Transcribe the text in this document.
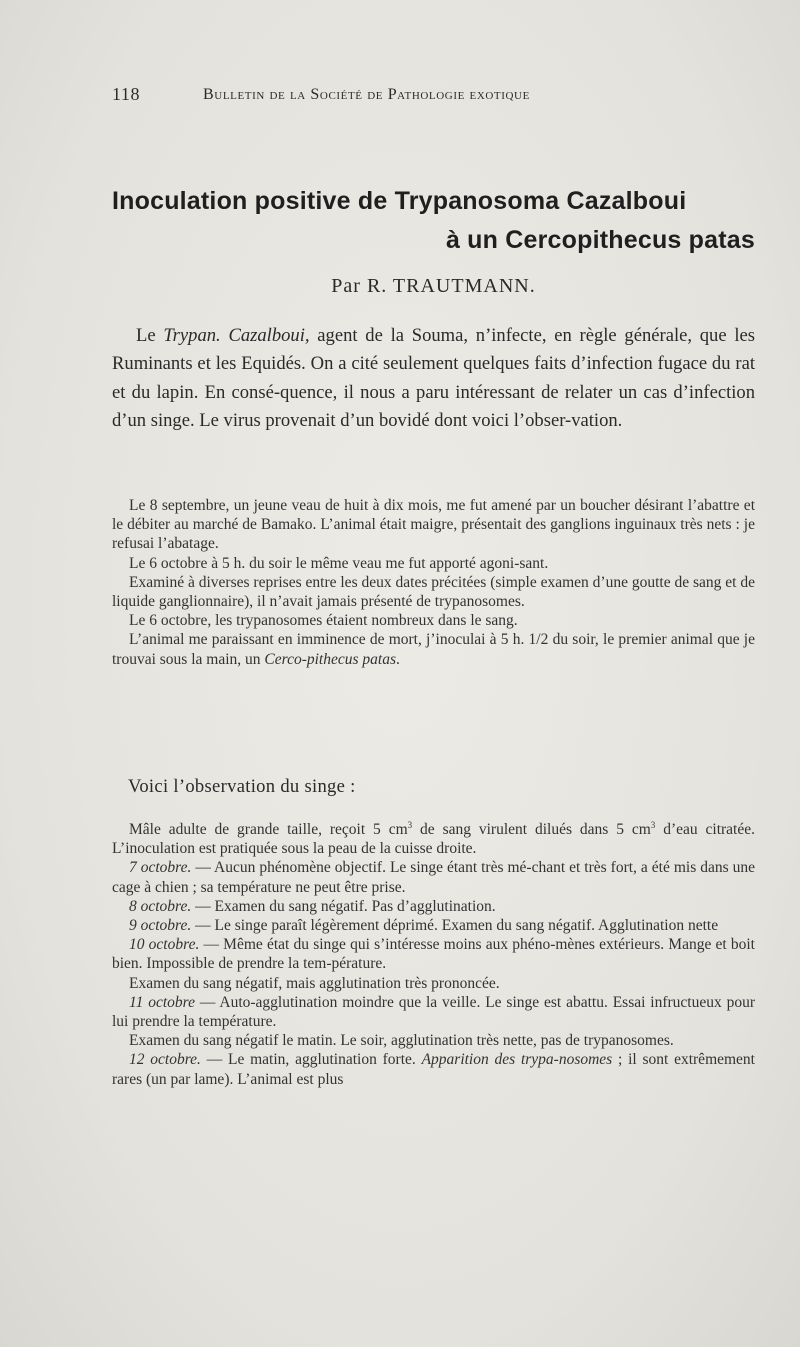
118	Bulletin de la Société de Pathologie exotique
Inoculation positive de Trypanosoma Cazalboui
à un Cercopithecus patas
Par R. TRAUTMANN.

Le Trypan. Cazalboui, agent de la Souma, n’infecte, en règle générale, que les Ruminants et les Equidés. On a cité seulement quelques faits d’infection fugace du rat et du lapin. En consé-quence, il nous a paru intéressant de relater un cas d’infection d’un singe. Le virus provenait d’un bovidé dont voici l’obser-vation.

Le 8 septembre, un jeune veau de huit à dix mois, me fut amené par un boucher désirant l’abattre et le débiter au marché de Bamako. L’animal était maigre, présentait des ganglions inguinaux très nets : je refusai l’abatage.

Le 6 octobre à 5 h. du soir le même veau me fut apporté agoni-sant.

Examiné à diverses reprises entre les deux dates précitées (simple examen d’une goutte de sang et de liquide ganglionnaire), il n’avait jamais présenté de trypanosomes.

Le 6 octobre, les trypanosomes étaient nombreux dans le sang.

L’animal me paraissant en imminence de mort, j’inoculai à 5 h. 1/2 du soir, le premier animal que je trouvai sous la main, un Cerco-pithecus patas.

Voici l’observation du singe :

Mâle adulte de grande taille, reçoit 5 $cm^3$ de sang virulent dilués dans 5 $cm^3$ d’eau citratée. L’inoculation est pratiquée sous la peau de la cuisse droite.

7 octobre. — Aucun phénomène objectif. Le singe étant très mé-chant et très fort, a été mis dans une cage à chien ; sa température ne peut être prise.

8 octobre. — Examen du sang négatif. Pas d’agglutination.

9 octobre. — Le singe paraît légèrement déprimé. Examen du sang négatif. Agglutination nette

10 octobre. — Même état du singe qui s’intéresse moins aux phéno-mènes extérieurs. Mange et boit bien. Impossible de prendre la tem-pérature.

Examen du sang négatif, mais agglutination très prononcée.

11 octobre — Auto-agglutination moindre que la veille. Le singe est abattu. Essai infructueux pour lui prendre la température.

Examen du sang négatif le matin. Le soir, agglutination très nette, pas de trypanosomes.

12 octobre. — Le matin, agglutination forte. Apparition des trypa-nosomes ; il sont extrêmement rares (un par lame). L’animal est plus
